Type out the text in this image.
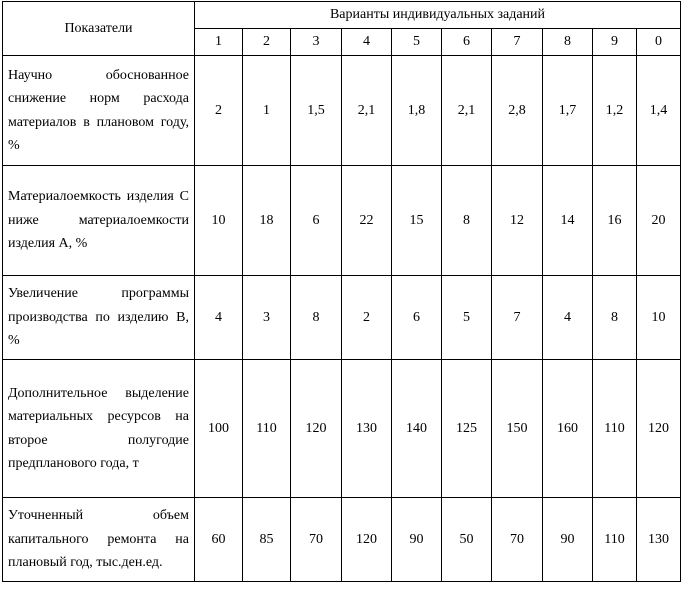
Показатели	Варианты индивидуальных заданий									
	1	2	3	4	5	6	7	8	9	0
Научно обоснованное снижение норм расхода материалов в плановом году, %	2	1	1,5	2,1	1,8	2,1	2,8	1,7	1,2	1,4
Материалоемкость изделия С ниже материалоемкости изделия А, %	10	18	6	22	15	8	12	14	16	20
Увеличение программы производства по изделию В, %	4	3	8	2	6	5	7	4	8	10
Дополнительное выделение материальных ресурсов на второе полугодие предпланового года, т	100	110	120	130	140	125	150	160	110	120
Уточненный объем капитального ремонта на плановый год, тыс.ден.ед.	60	85	70	120	90	50	70	90	110	130
